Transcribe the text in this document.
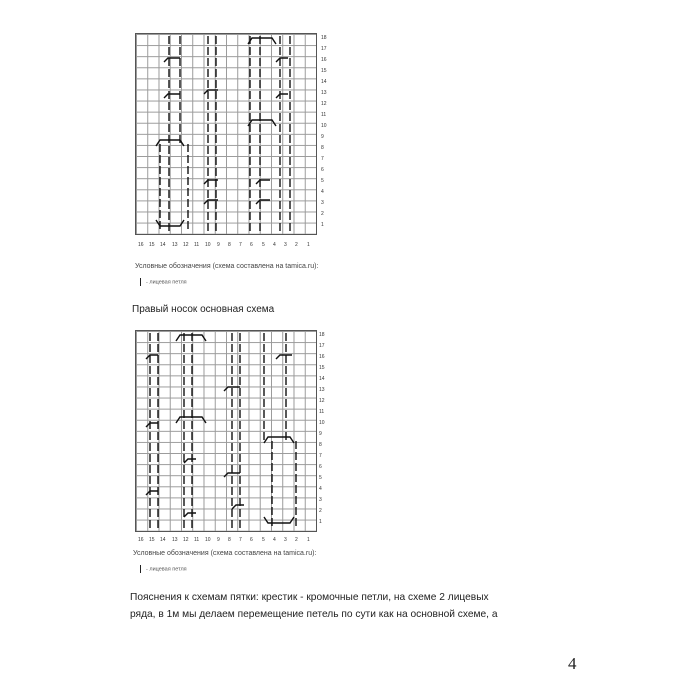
18
17
16
15
14
13
12
11
10
9
8
7
6
5
4
3
2
1
16 15 14 13 12 11 10 9 8 7 6 5 4 3 2 1
Условные обозначения (схема составлена на tamica.ru):
- лицевая петля
Правый носок основная схема
18
17
16
15
14
13
12
11
10
9
8
7
6
5
4
3
2
1
16 15 14 13 12 11 10 9 8 7 6 5 4 3 2 1
Условные обозначения (схема составлена на tamica.ru):
- лицевая петля
Пояснения к схемам пятки: крестик - кромочные петли, на схеме 2 лицевых
ряда, в 1м мы делаем перемещение петель по сути как на основной схеме, а
4
